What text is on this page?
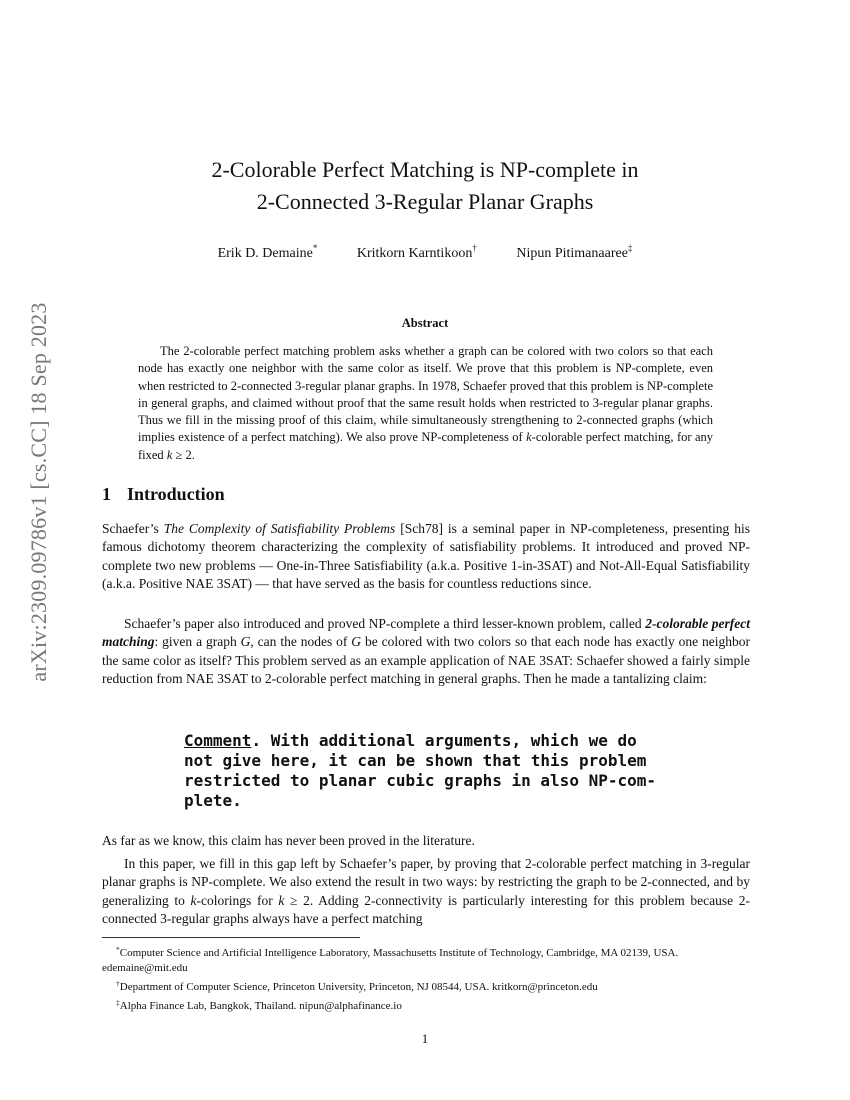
arXiv:2309.09786v1 [cs.CC] 18 Sep 2023
2-Colorable Perfect Matching is NP-complete in
2-Connected 3-Regular Planar Graphs
Erik D. Demaine*	Kritkorn Karntikoon†	Nipun Pitimanaaree‡
Abstract

The 2-colorable perfect matching problem asks whether a graph can be colored with two colors so that each node has exactly one neighbor with the same color as itself. We prove that this problem is NP-complete, even when restricted to 2-connected 3-regular planar graphs. In 1978, Schaefer proved that this problem is NP-complete in general graphs, and claimed without proof that the same result holds when restricted to 3-regular planar graphs. Thus we fill in the missing proof of this claim, while simultaneously strengthening to 2-connected graphs (which implies existence of a perfect matching). We also prove NP-completeness of k-colorable perfect matching, for any fixed k ≥ 2.

1 Introduction

Schaefer’s The Complexity of Satisfiability Problems [Sch78] is a seminal paper in NP-completeness, presenting his famous dichotomy theorem characterizing the complexity of satisfiability problems. It introduced and proved NP-complete two new problems — One-in-Three Satisfiability (a.k.a. Positive 1-in-3SAT) and Not-All-Equal Satisfiability (a.k.a. Positive NAE 3SAT) — that have served as the basis for countless reductions since.

Schaefer’s paper also introduced and proved NP-complete a third lesser-known problem, called 2-colorable perfect matching: given a graph G, can the nodes of G be colored with two colors so that each node has exactly one neighbor the same color as itself? This problem served as an example application of NAE 3SAT: Schaefer showed a fairly simple reduction from NAE 3SAT to 2-colorable perfect matching in general graphs. Then he made a tantalizing claim:

Comment. With additional arguments, which we do
not give here, it can be shown that this problem
restricted to planar cubic graphs in also NP-com-
plete.

As far as we know, this claim has never been proved in the literature.

In this paper, we fill in this gap left by Schaefer’s paper, by proving that 2-colorable perfect matching in 3-regular planar graphs is NP-complete. We also extend the result in two ways: by restricting the graph to be 2-connected, and by generalizing to k-colorings for k ≥ 2. Adding 2-connectivity is particularly interesting for this problem because 2-connected 3-regular graphs always have a perfect matching

*Computer Science and Artificial Intelligence Laboratory, Massachusetts Institute of Technology, Cambridge, MA 02139, USA.

edemaine@mit.edu

†Department of Computer Science, Princeton University, Princeton, NJ 08544, USA. kritkorn@princeton.edu

‡Alpha Finance Lab, Bangkok, Thailand. nipun@alphafinance.io

1
